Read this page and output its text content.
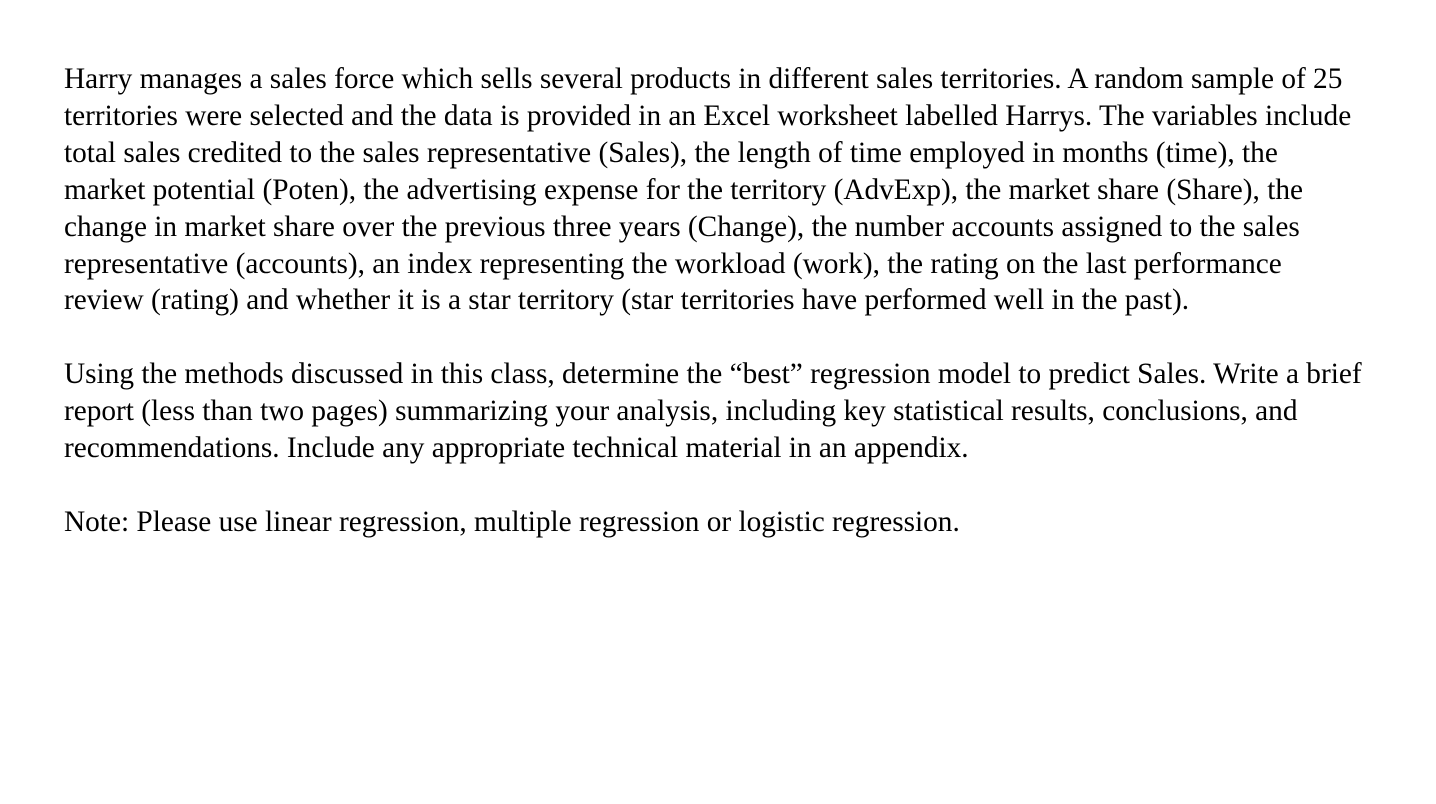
Harry manages a sales force which sells several products in different sales territories. A random sample of 25 territories were selected and the data is provided in an Excel worksheet labelled Harrys. The variables include total sales credited to the sales representative (Sales), the length of time employed in months (time), the market potential (Poten), the advertising expense for the territory (AdvExp), the market share (Share), the change in market share over the previous three years (Change), the number accounts assigned to the sales representative (accounts), an index representing the workload (work), the rating on the last performance review (rating) and whether it is a star territory (star territories have performed well in the past).

Using the methods discussed in this class, determine the “best” regression model to predict Sales. Write a brief report (less than two pages) summarizing your analysis, including key statistical results, conclusions, and recommendations. Include any appropriate technical material in an appendix.

Note: Please use linear regression, multiple regression or logistic regression.
